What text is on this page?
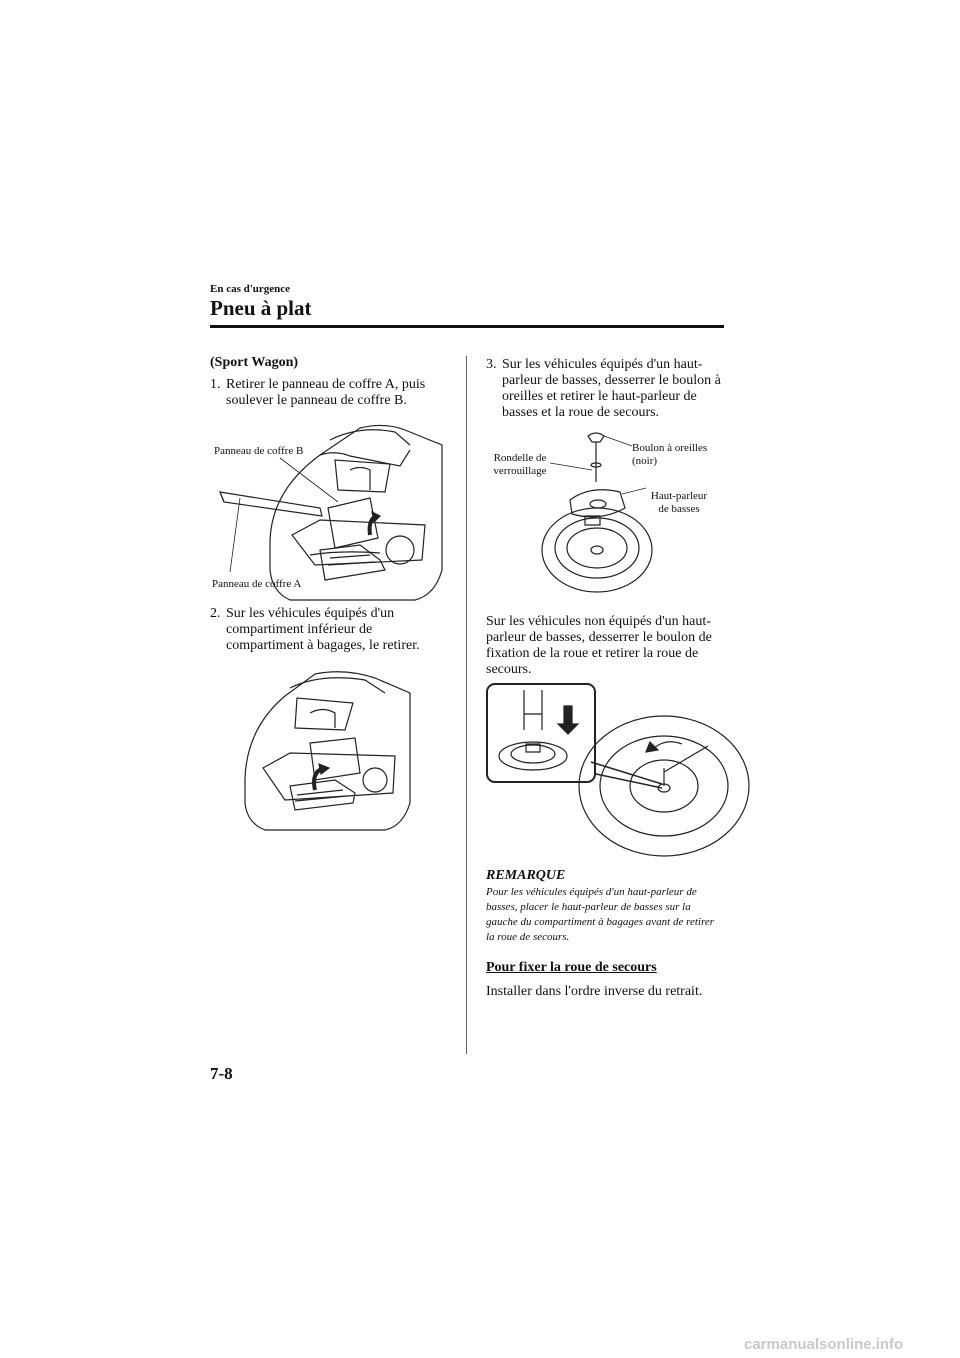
En cas d'urgence
Pneu à plat
(Sport Wagon)
1. Retirer le panneau de coffre A, puis soulever le panneau de coffre B.
Panneau de coffre B
Panneau de coffre A
2. Sur les véhicules équipés d'un compartiment inférieur de compartiment à bagages, le retirer.
3. Sur les véhicules équipés d'un haut-parleur de basses, desserrer le boulon à oreilles et retirer le haut-parleur de basses et la roue de secours.
Rondelle de verrouillage
Boulon à oreilles (noir)
Haut-parleur de basses
Sur les véhicules non équipés d'un haut-parleur de basses, desserrer le boulon de fixation de la roue et retirer la roue de secours.
REMARQUE
Pour les véhicules équipés d'un haut-parleur de basses, placer le haut-parleur de basses sur la gauche du compartiment à bagages avant de retirer la roue de secours.
Pour fixer la roue de secours
Installer dans l'ordre inverse du retrait.
7-8
carmanualsonline.info
